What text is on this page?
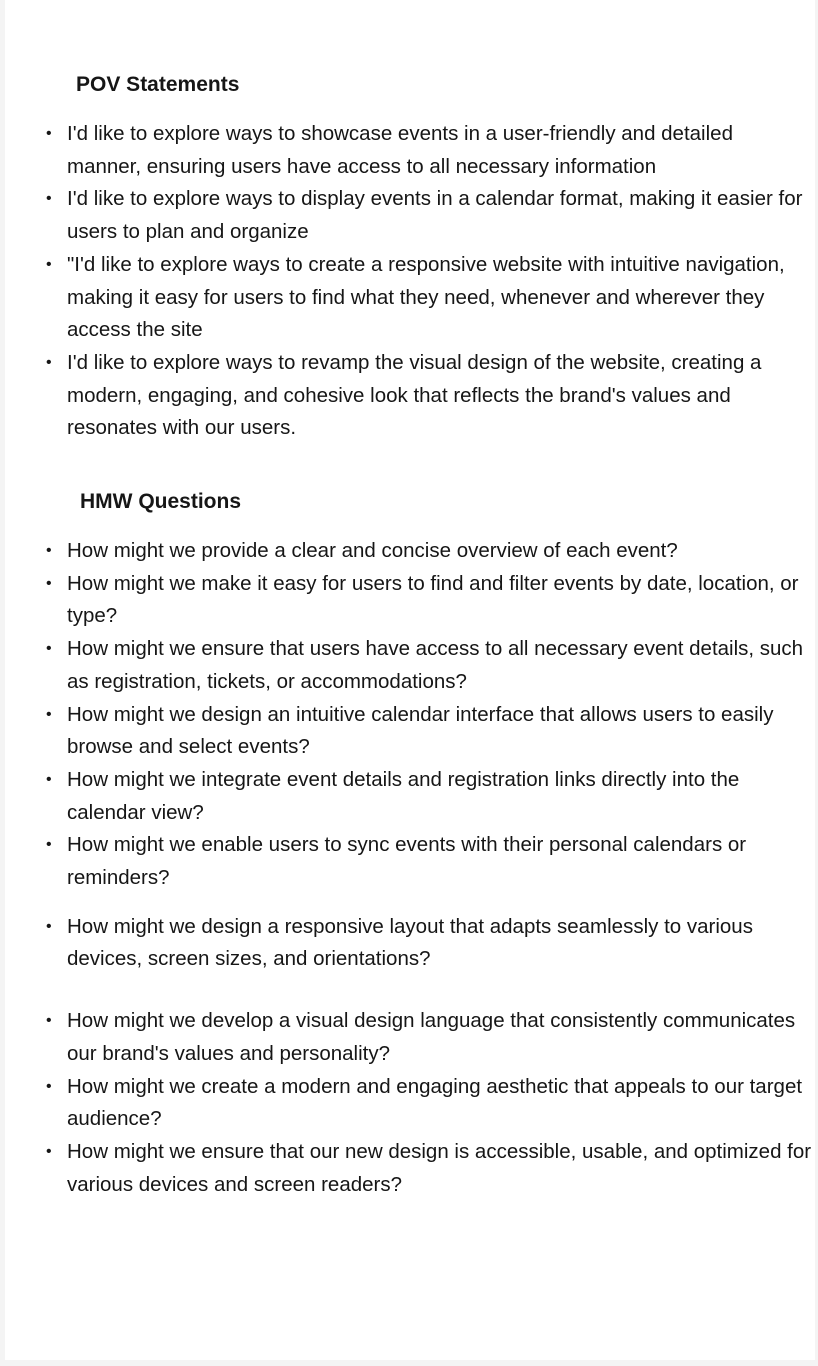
POV Statements
• I'd like to explore ways to showcase events in a user-friendly and detailed manner, ensuring users have access to all necessary information
• I'd like to explore ways to display events in a calendar format, making it easier for users to plan and organize
• "I'd like to explore ways to create a responsive website with intuitive navigation, making it easy for users to find what they need, whenever and wherever they access the site
• I'd like to explore ways to revamp the visual design of the website, creating a modern, engaging, and cohesive look that reflects the brand's values and resonates with our users.
HMW Questions
• How might we provide a clear and concise overview of each event?
• How might we make it easy for users to find and filter events by date, location, or type?
• How might we ensure that users have access to all necessary event details, such as registration, tickets, or accommodations?
• How might we design an intuitive calendar interface that allows users to easily browse and select events?
• How might we integrate event details and registration links directly into the calendar view?
• How might we enable users to sync events with their personal calendars or reminders?
• How might we design a responsive layout that adapts seamlessly to various devices, screen sizes, and orientations?
• How might we develop a visual design language that consistently communicates our brand's values and personality?
• How might we create a modern and engaging aesthetic that appeals to our target audience?
• How might we ensure that our new design is accessible, usable, and optimized for various devices and screen readers?
